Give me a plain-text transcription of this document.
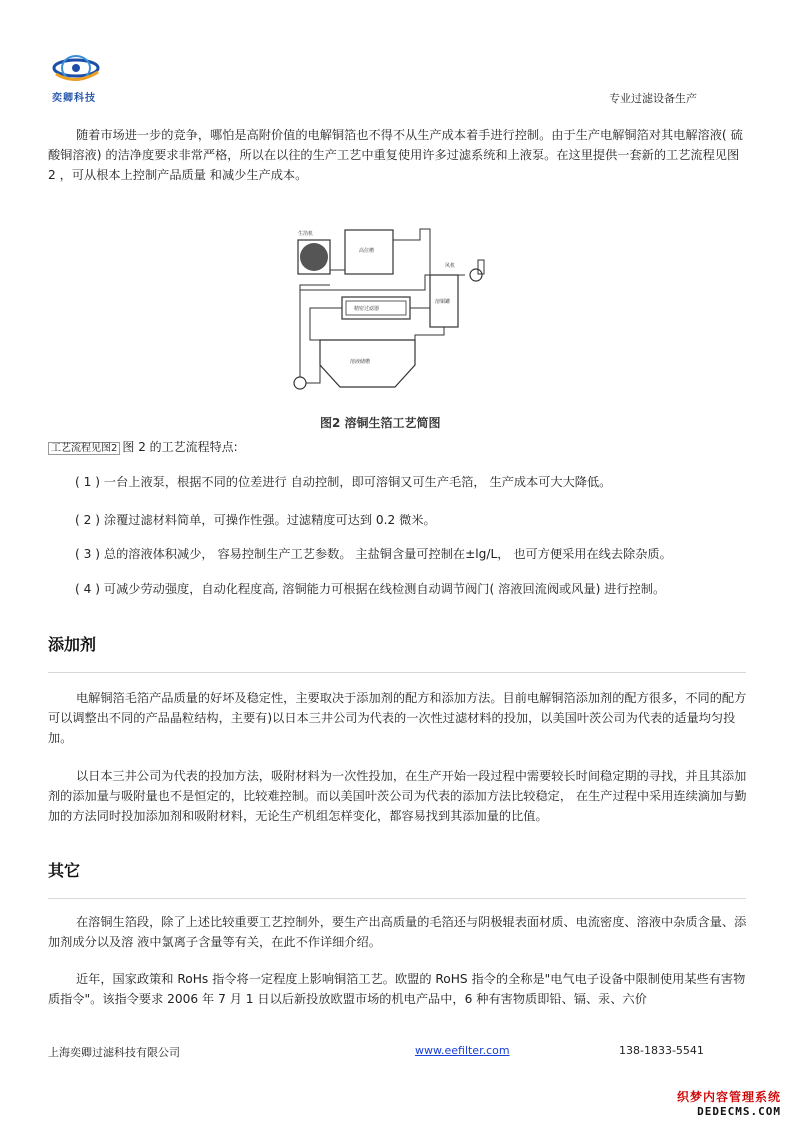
奕卿科技	专业过滤设备生产
随着市场进一步的竞争，哪怕是高附价值的电解铜箔也不得不从生产成本着手进行控制。由于生产电解铜箔对其电解溶液( 硫酸铜溶液) 的洁净度要求非常严格，所以在以往的生产工艺中重复使用许多过滤系统和上液泵。在这里提供一套新的工艺流程见图 2 ，可从根本上控制产品质量 和减少生产成本。
生箔机
高位槽
精密过滤器
溶铜罐
风机
溶液储槽
图2 溶铜生箔工艺简图
工艺流程见图2 图 2 的工艺流程特点:
( 1 ) 一台上液泵，根据不同的位差进行 自动控制，即可溶铜又可生产毛箔， 生产成本可大大降低。
( 2 ) 涂覆过滤材料简单，可操作性强。过滤精度可达到 0.2 微米。
( 3 ) 总的溶液体积减少， 容易控制生产工艺参数。 主盐铜含量可控制在±lg/L， 也可方便采用在线去除杂质。
( 4 ) 可减少劳动强度，自动化程度高, 溶铜能力可根据在线检测自动调节阀门( 溶液回流阀或风量) 进行控制。
添加剂
电解铜箔毛箔产品质量的好坏及稳定性，主要取决于添加剂的配方和添加方法。目前电解铜箔添加剂的配方很多，不同的配方可以调整出不同的产品晶粒结构，主要有)以日本三井公司为代表的一次性过滤材料的投加，以美国叶茨公司为代表的适量均匀投加。
以日本三井公司为代表的投加方法，吸附材料为一次性投加，在生产开始一段过程中需要较长时间稳定期的寻找，并且其添加剂的添加量与吸附量也不是恒定的，比较难控制。而以美国叶茨公司为代表的添加方法比较稳定， 在生产过程中采用连续滴加与勤加的方法同时投加添加剂和吸附材料，无论生产机组怎样变化，都容易找到其添加量的比值。
其它
在溶铜生箔段，除了上述比较重要工艺控制外，要生产出高质量的毛箔还与阴极辊表面材质、电流密度、溶液中杂质含量、添加剂成分以及溶 液中氯离子含量等有关，在此不作详细介绍。
近年，国家政策和 RoHs 指令将一定程度上影响铜箔工艺。欧盟的 RoHS 指令的全称是"电气电子设备中限制使用某些有害物质指令"。该指令要求 2006 年 7 月 1 日以后新投放欧盟市场的机电产品中，6 种有害物质即铅、镉、汞、六价
上海奕卿过滤科技有限公司	www.eefilter.com	138-1833-5541
织梦内容管理系统
DEDECMS.COM
